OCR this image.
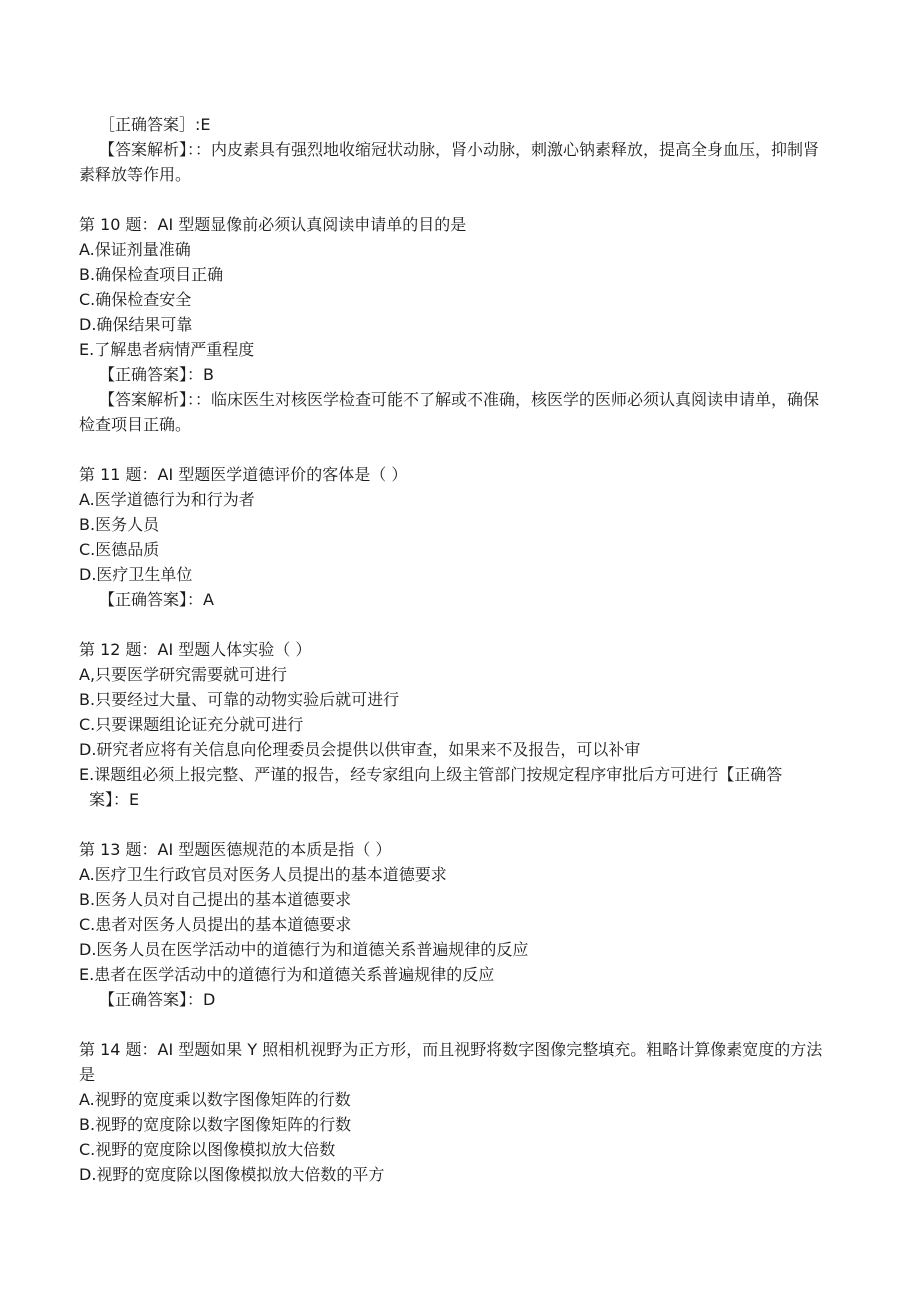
［正确答案］:E
【答案解析】：：内皮素具有强烈地收缩冠状动脉，肾小动脉，刺激心钠素释放，提高全身血压，抑制肾素释放等作用。
第 10 题：AI 型题显像前必须认真阅读申请单的目的是
A.保证剂量准确
B.确保检查项目正确
C.确保检查安全
D.确保结果可靠
E.了解患者病情严重程度
【正确答案】：B
【答案解析】：：临床医生对核医学检查可能不了解或不准确，核医学的医师必须认真阅读申请单，确保检查项目正确。
第 11 题：AI 型题医学道德评价的客体是（ ）
A.医学道德行为和行为者
B.医务人员
C.医德品质
D.医疗卫生单位
【正确答案】：A
第 12 题：AI 型题人体实验（ ）
A,只要医学研究需要就可进行
B.只要经过大量、可靠的动物实验后就可进行
C.只要课题组论证充分就可进行
D.研究者应将有关信息向伦理委员会提供以供审查，如果来不及报告，可以补审
E.课题组必须上报完整、严谨的报告，经专家组向上级主管部门按规定程序审批后方可进行【正确答
案】：E
第 13 题：AI 型题医德规范的本质是指（ ）
A.医疗卫生行政官员对医务人员提出的基本道德要求
B.医务人员对自己提出的基本道德要求
C.患者对医务人员提出的基本道德要求
D.医务人员在医学活动中的道德行为和道德关系普遍规律的反应
E.患者在医学活动中的道德行为和道德关系普遍规律的反应
【正确答案】：D
第 14 题：AI 型题如果 Y 照相机视野为正方形，而且视野将数字图像完整填充。粗略计算像素宽度的方法是
A.视野的宽度乘以数字图像矩阵的行数
B.视野的宽度除以数字图像矩阵的行数
C.视野的宽度除以图像模拟放大倍数
D.视野的宽度除以图像模拟放大倍数的平方
